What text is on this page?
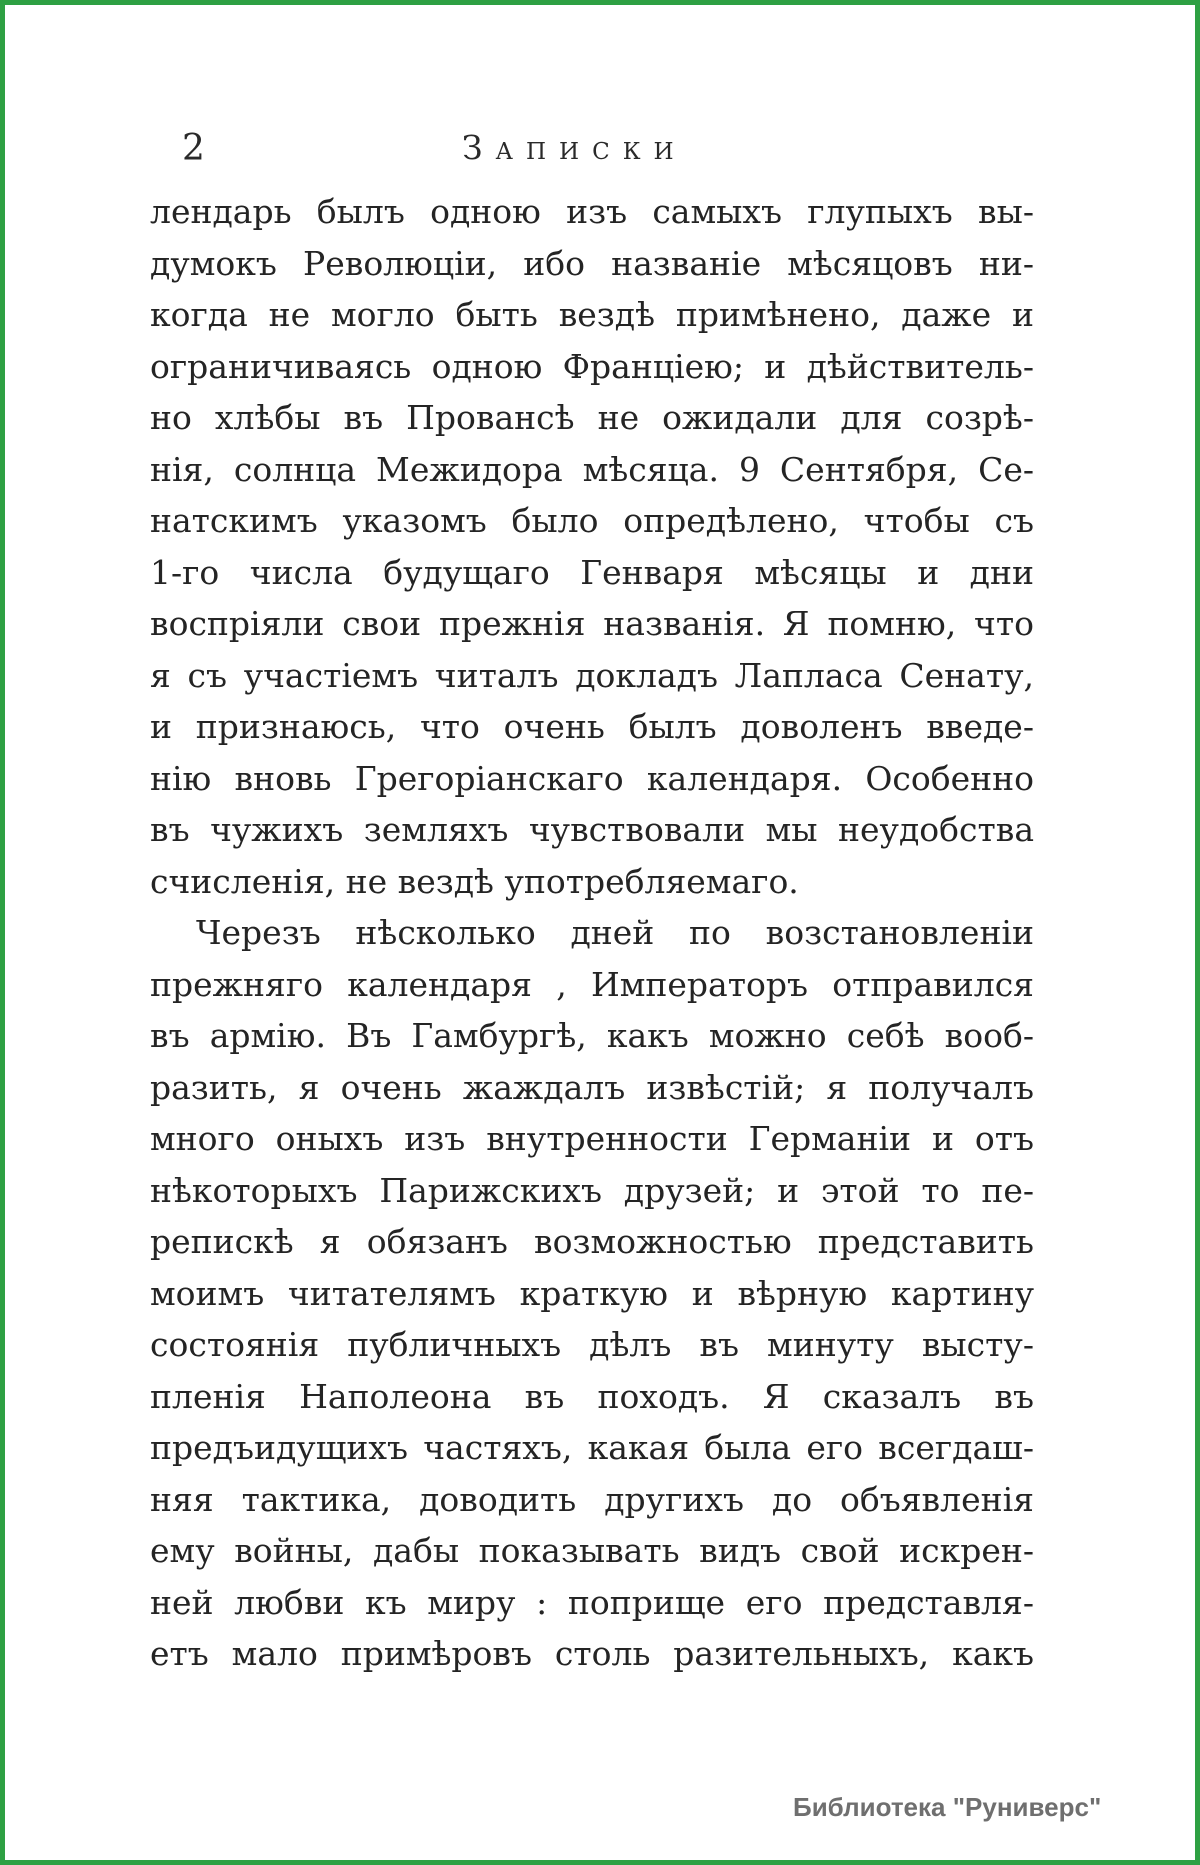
2	Записки
лендарь былъ одною изъ самыхъ глупыхъ вы-
думокъ Революціи, ибо названіе мѣсяцовъ ни-
когда не могло быть вездѣ примѣнено, даже и
ограничиваясь одною Франціею; и дѣйствитель-
но хлѣбы въ Провансѣ не ожидали для созрѣ-
нія, солнца Межидора мѣсяца. 9 Сентября, Се-
натскимъ указомъ было опредѣлено, чтобы съ
1-го числа будущаго Генваря мѣсяцы и дни
воспріяли свои прежнія названія. Я помню, что
я съ участіемъ читалъ докладъ Лапласа Сенату,
и признаюсь, что очень былъ доволенъ введе-
нію вновь Грегоріанскаго календаря. Особенно
въ чужихъ земляхъ чувствовали мы неудобства
счисленія, не вездѣ употребляемаго.
Черезъ нѣсколько дней по возстановленіи
прежняго календаря , Императоръ отправился
въ армію. Въ Гамбургѣ, какъ можно себѣ вооб-
разить, я очень жаждалъ извѣстій; я получалъ
много оныхъ изъ внутренности Германіи и отъ
нѣкоторыхъ Парижскихъ друзей; и этой то пе-
репискѣ я обязанъ возможностью представить
моимъ читателямъ краткую и вѣрную картину
состоянія публичныхъ дѣлъ въ минуту высту-
пленія Наполеона въ походъ. Я сказалъ въ
предъидущихъ частяхъ, какая была его всегдаш-
няя тактика, доводить другихъ до объявленія
ему войны, дабы показывать видъ свой искрен-
ней любви къ миру : поприще его представля-
етъ мало примѣровъ столь разительныхъ, какъ
Библиотека "Руниверс"
